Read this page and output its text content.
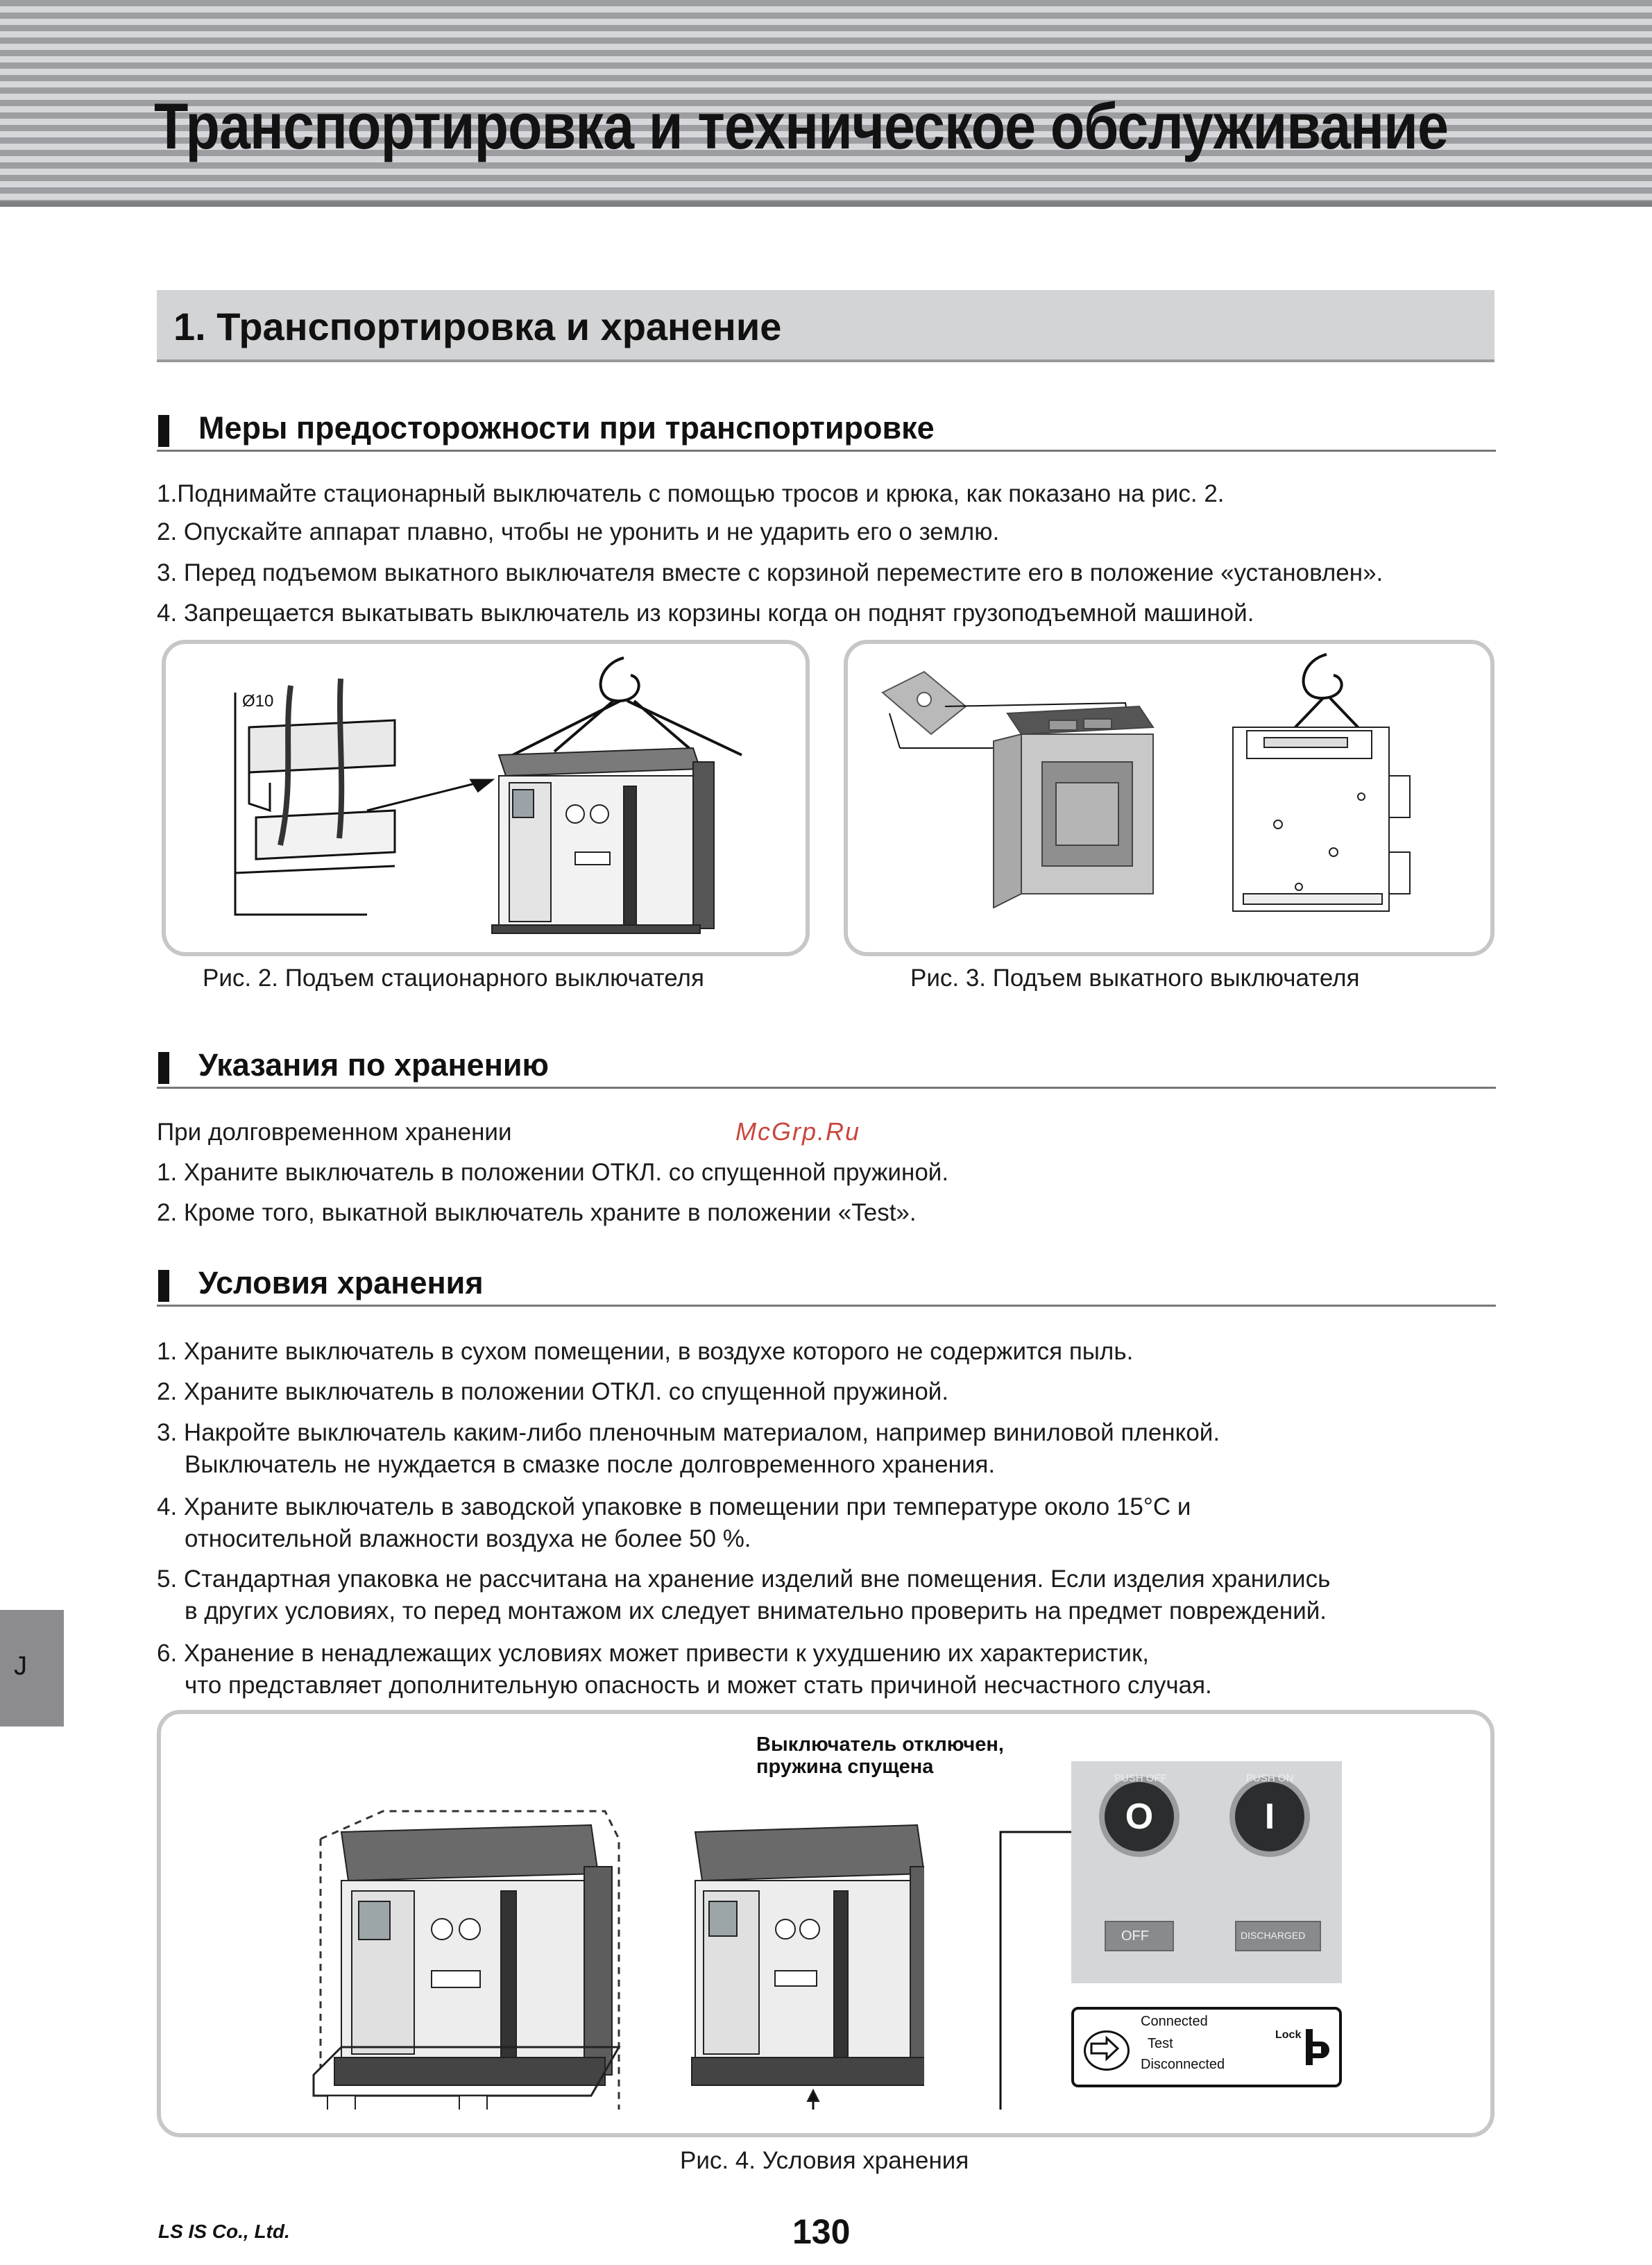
Транспортировка и техническое обслуживание
1. Транспортировка и хранение
Меры предосторожности при транспортировке
1.Поднимайте стационарный выключатель с помощью тросов и крюка, как показано на рис. 2.
2. Опускайте аппарат плавно, чтобы не уронить и не ударить его о землю.
3. Перед подъемом выкатного выключателя вместе с корзиной переместите его в положение «установлен».
4. Запрещается выкатывать выключатель из корзины когда он поднят грузоподъемной машиной.
Ø10
Рис. 2. Подъем стационарного выключателя	Рис. 3. Подъем выкатного выключателя
Указания по хранению
При долговременном хранении	McGrp.Ru
1. Храните выключатель в положении ОТКЛ. со спущенной пружиной.
2. Кроме того, выкатной выключатель храните в положении «Test».
Условия хранения
1. Храните выключатель в сухом помещении, в воздухе которого не содержится пыль.
2. Храните выключатель в положении ОТКЛ. со спущенной пружиной.
3. Накройте выключатель каким-либо пленочным материалом, например виниловой пленкой.
Выключатель не нуждается в смазке после долговременного хранения.
4. Храните выключатель в заводской упаковке в помещении при температуре около 15°C и
относительной влажности воздуха не более 50 %.
5. Стандартная упаковка не рассчитана на хранение изделий вне помещения. Если изделия хранились
в других условиях, то перед монтажом их следует внимательно проверить на предмет повреждений.
6. Хранение в ненадлежащих условиях может привести к ухудшению их характеристик,
что представляет дополнительную опасность и может стать причиной несчастного случая.
J
Выключатель отключен,
пружина спущена
O
PUSH OFF
I
PUSH ON
OFF	DISCHARGED
Connected
Test
Disconnected
Lock
Рис. 4. Условия хранения
LS IS Co., Ltd.	130
